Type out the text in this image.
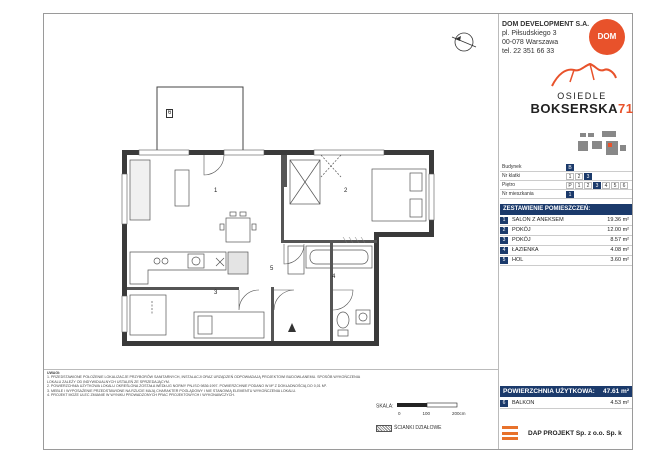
1	2
3
4
5
6
DOM DEVELOPMENT S.A.
pl. Piłsudskiego 3
00-078 Warszawa
tel. 22 351 66 33
DOM
OSIEDLE
BOKSERSKA71
Budynek	B
Nr klatki	1	2	3
Piętro	P	1	2	3	4	5	6
Nr mieszkania	1
ZESTAWIENIE POMIESZCZEŃ:
1	SALON Z ANEKSEM	19.36 m²
2	POKÓJ	12.00 m²
3	POKÓJ	8.57 m²
4	ŁAZIENKA	4.08 m²
5	HOL	3.60 m²
POWIERZCHNIA UŻYTKOWA:	47.61 m²
6	BALKON	4.53 m²
UWAGI:
1. PRZEDSTAWIONE POŁOŻENIE LOKALIZACJE PRZYBORÓW SANITARNYCH, INSTALACJI ORAZ URZĄDZEŃ ODPOWIADAJĄ PROJEKTOWI BUDOWLANEMU. SPOSÓB WYKOŃCZENIA LOKALU ZALEŻY OD INDYWIDUALNYCH USTALEŃ ZE SPRZEDAJĄCYM.
2. POWIERZCHNIA UŻYTKOWA LOKALU OKREŚLONA ZOSTAŁA WEDŁUG NORMY PN-ISO 9836:1997. POWIERZCHNIE PODANO W M² Z DOKŁADNOŚCIĄ DO 0,01 M².
3. MEBLE I WYPOSAŻENIE PRZEDSTAWIONE NA RZUCIE MAJĄ CHARAKTER POGLĄDOWY I NIE STANOWIĄ ELEMENTU WYKOŃCZENIA LOKALU.
4. PROJEKT MOŻE ULEC ZMIANIE W WYNIKU PROWADZONYCH PRAC PROJEKTOWYCH I WYKONAWCZYCH.
SKALA:
0	100	200cm
ŚCIANKI DZIAŁOWE
DAP PROJEKT Sp. z o.o. Sp. k
